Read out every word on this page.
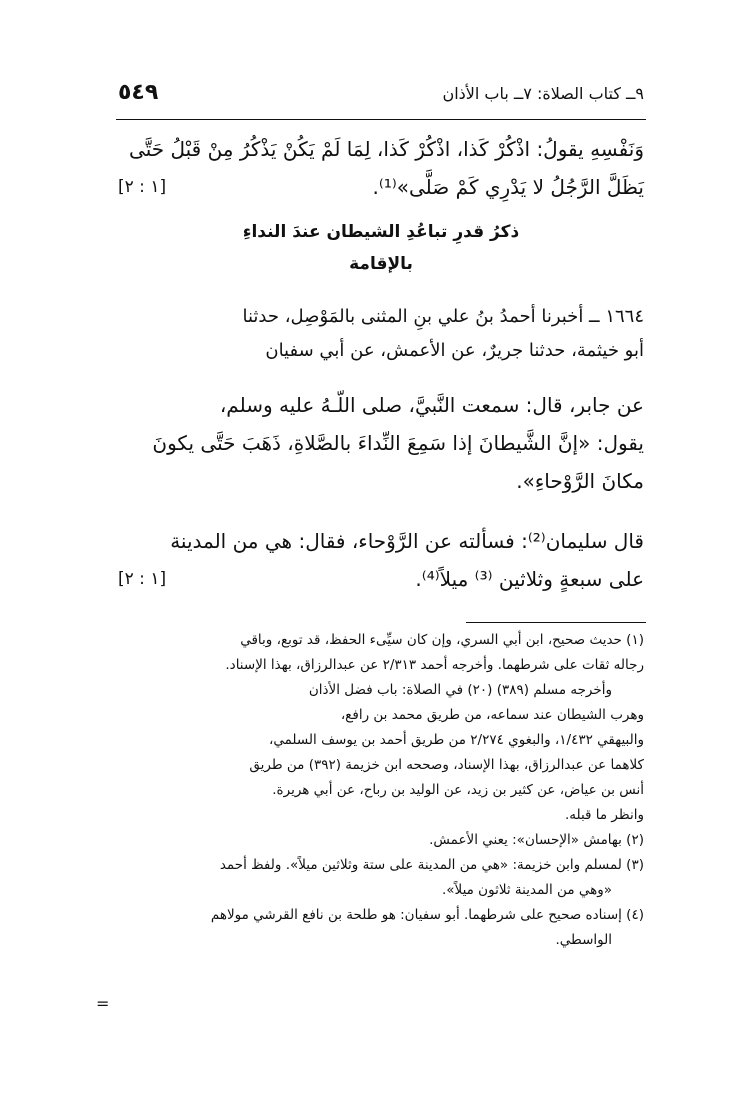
٩ــ كتاب الصلاة: ٧ــ باب الأذان
٥٤٩
وَنَفْسِهِ يقولُ: اذْكُرْ كَذا، اذْكُرْ كَذا، لِمَا لَمْ يَكُنْ يَذْكُرُ مِنْ قَبْلُ حَتَّى
يَظَلَّ الرَّجُلُ لا يَدْرِي كَمْ صَلَّى»⁽¹⁾.
[١ : ٢]
ذكرُ قدرِ تباعُدِ الشيطان عندَ النداءِ
بالإقامة
١٦٦٤ ــ أخبرنا أحمدُ بنُ علي بنِ المثنى بالمَوْصِل، حدثنا
أبو خيثمة، حدثنا جريرٌ، عن الأعمش، عن أبي سفيان
عن جابر، قال: سمعت النَّبيَّ، صلى اللّـهُ عليه وسلم،
يقول: «إنَّ الشَّيطانَ إذا سَمِعَ النِّداءَ بالصَّلاةِ، ذَهَبَ حَتَّى يكونَ
مكانَ الرَّوْحاءِ».
قال سليمان⁽²⁾: فسألته عن الرَّوْحاء، فقال: هي من المدينة
على سبعةٍ وثلاثين ⁽³⁾ ميلاً⁽⁴⁾.
[١ : ٢]
(١) حديث صحيح، ابن أبي السري، وإن كان سيِّىء الحفظ، قد توبع، وباقي
رجاله ثقات على شرطهما. وأخرجه أحمد ٢/٣١٣ عن عبدالرزاق، بهذا الإسناد.
وأخرجه مسلم (٣٨٩) (٢٠) في الصلاة: باب فضل الأذان
وهرب الشيطان عند سماعه، من طريق محمد بن رافع،
والبيهقي ١/٤٣٢، والبغوي ٢/٢٧٤ من طريق أحمد بن يوسف السلمي،
كلاهما عن عبدالرزاق، بهذا الإسناد، وصححه ابن خزيمة (٣٩٢) من طريق
أنس بن عياض، عن كثير بن زيد، عن الوليد بن رباح، عن أبي هريرة.
وانظر ما قبله.
(٢) بهامش «الإحسان»: يعني الأعمش.
(٣) لمسلم وابن خزيمة: «هي من المدينة على ستة وثلاثين ميلاً». ولفظ أحمد
«وهي من المدينة ثلاثون ميلاً».
(٤) إسناده صحيح على شرطهما. أبو سفيان: هو طلحة بن نافع القرشي مولاهم
الواسطي.
=
